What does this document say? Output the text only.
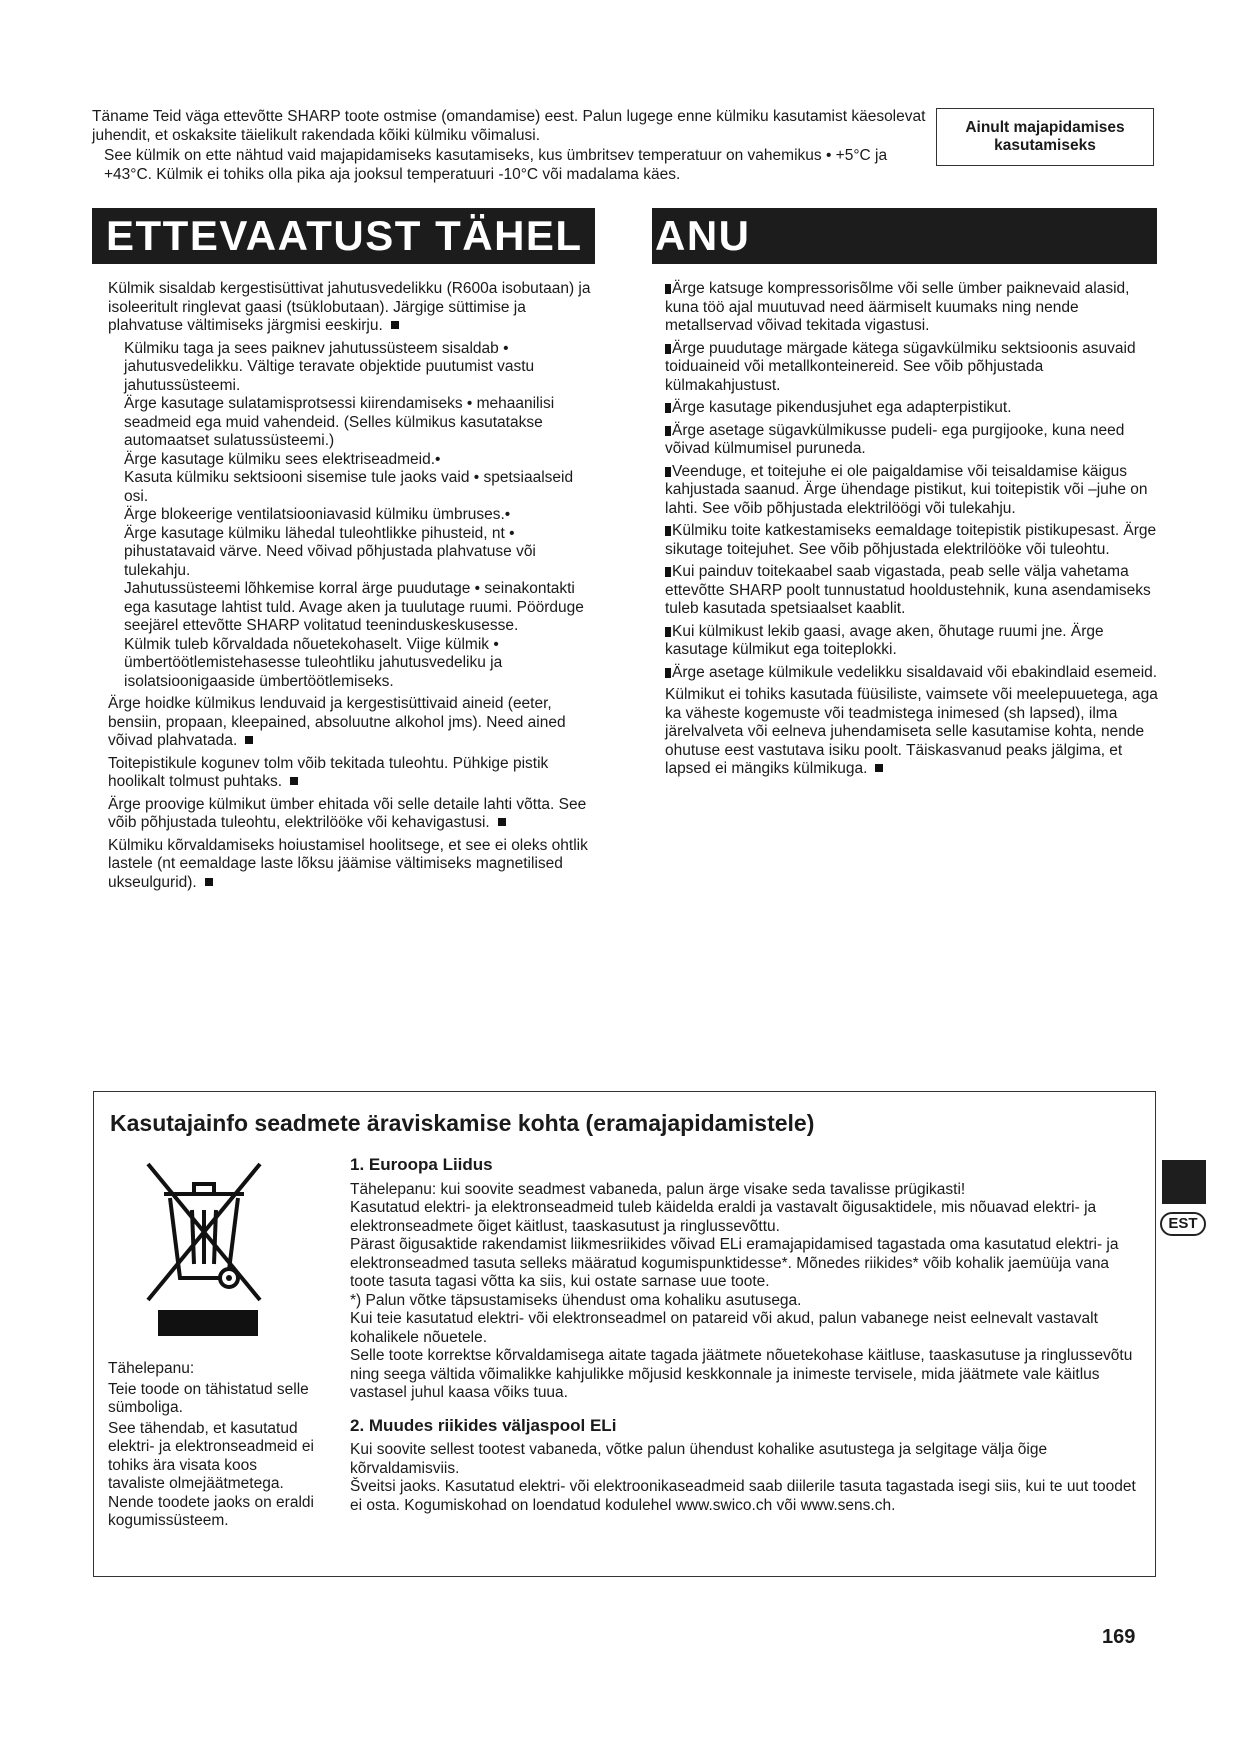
Täname Teid väga ettevõtte SHARP toote ostmise (omandamise) eest. Palun lugege enne külmiku kasutamist käesolevat juhendit, et oskaksite täielikult rakendada kõiki külmiku võimalusi.

See külmik on ette nähtud vaid majapidamiseks kasutamiseks, kus ümbritsev temperatuur on vahemikus • +5°C ja +43°C. Külmik ei tohiks olla pika aja jooksul temperatuuri -10°C või madalama käes.

Ainult majapidamises kasutamiseks
ETTEVAATUST TÄHEL ANU

Külmik sisaldab kergestisüttivat jahutusvedelikku (R600a isobutaan) ja isoleeritult ringlevat gaasi (tsüklobutaan). Järgige süttimise ja plahvatuse vältimiseks järgmisi eeskirju.

Külmiku taga ja sees paiknev jahutussüsteem sisaldab • jahutusvedelikku. Vältige teravate objektide puutumist vastu jahutussüsteemi.

Ärge kasutage sulatamisprotsessi kiirendamiseks • mehaanilisi seadmeid ega muid vahendeid. (Selles külmikus kasutatakse automaatset sulatussüsteemi.)

Ärge kasutage külmiku sees elektriseadmeid.•

Kasuta külmiku sektsiooni sisemise tule jaoks vaid • spetsiaalseid osi.

Ärge blokeerige ventilatsiooniavasid külmiku ümbruses.•

Ärge kasutage külmiku lähedal tuleohtlikke pihusteid, nt • pihustatavaid värve. Need võivad põhjustada plahvatuse või tulekahju.

Jahutussüsteemi lõhkemise korral ärge puudutage • seinakontakti ega kasutage lahtist tuld. Avage aken ja tuulutage ruumi. Pöörduge seejärel ettevõtte SHARP volitatud teeninduskeskusesse.

Külmik tuleb kõrvaldada nõuetekohaselt. Viige külmik • ümbertöötlemistehasesse tuleohtliku jahutusvedeliku ja isolatsioonigaaside ümbertöötlemiseks.

Ärge hoidke külmikus lenduvaid ja kergestisüttivaid aineid (eeter, bensiin, propaan, kleepained, absoluutne alkohol jms). Need ained võivad plahvatada.

Toitepistikule kogunev tolm võib tekitada tuleohtu. Pühkige pistik hoolikalt tolmust puhtaks.

Ärge proovige külmikut ümber ehitada või selle detaile lahti võtta. See võib põhjustada tuleohtu, elektrilööke või kehavigastusi.

Külmiku kõrvaldamiseks hoiustamisel hoolitsege, et see ei oleks ohtlik lastele (nt eemaldage laste lõksu jäämise vältimiseks magnetilised ukseulgurid).

Ärge katsuge kompressorisõlme või selle ümber paiknevaid alasid, kuna töö ajal muutuvad need äärmiselt kuumaks ning nende metallservad võivad tekitada vigastusi.

Ärge puudutage märgade kätega sügavkülmiku sektsioonis asuvaid toiduaineid või metallkonteinereid. See võib põhjustada külmakahjustust.

Ärge kasutage pikendusjuhet ega adapterpistikut.

Ärge asetage sügavkülmikusse pudeli- ega purgijooke, kuna need võivad külmumisel puruneda.

Veenduge, et toitejuhe ei ole paigaldamise või teisaldamise käigus kahjustada saanud. Ärge ühendage pistikut, kui toitepistik või –juhe on lahti. See võib põhjustada elektrilöögi või tulekahju.

Külmiku toite katkestamiseks eemaldage toitepistik pistikupesast. Ärge sikutage toitejuhet. See võib põhjustada elektrilööke või tuleohtu.

Kui painduv toitekaabel saab vigastada, peab selle välja vahetama ettevõtte SHARP poolt tunnustatud hooldustehnik, kuna asendamiseks tuleb kasutada spetsiaalset kaablit.

Kui külmikust lekib gaasi, avage aken, õhutage ruumi jne. Ärge kasutage külmikut ega toiteplokki.

Ärge asetage külmikule vedelikku sisaldavaid või ebakindlaid esemeid.

Külmikut ei tohiks kasutada füüsiliste, vaimsete või meelepuuetega, aga ka väheste kogemuste või teadmistega inimesed (sh lapsed), ilma järelvalveta või eelneva juhendamiseta selle kasutamise kohta, nende ohutuse eest vastutava isiku poolt. Täiskasvanud peaks jälgima, et lapsed ei mängiks külmikuga.

Kasutajainfo seadmete äraviskamise kohta (eramajapidamistele)

Tähelepanu:

Teie toode on tähistatud selle sümboliga.

See tähendab, et kasutatud elektri- ja elektronseadmeid ei tohiks ära visata koos tavaliste olmejäätmetega. Nende toodete jaoks on eraldi kogumissüsteem.

1. Euroopa Liidus

Tähelepanu: kui soovite seadmest vabaneda, palun ärge visake seda tavalisse prügikasti!

Kasutatud elektri- ja elektronseadmeid tuleb käidelda eraldi ja vastavalt õigusaktidele, mis nõuavad elektri- ja elektronseadmete õiget käitlust, taaskasutust ja ringlussevõttu.

Pärast õigusaktide rakendamist liikmesriikides võivad ELi eramajapidamised tagastada oma kasutatud elektri- ja elektronseadmed tasuta selleks määratud kogumispunktidesse*. Mõnedes riikides* võib kohalik jaemüüja vana toote tasuta tagasi võtta ka siis, kui ostate sarnase uue toote.

*) Palun võtke täpsustamiseks ühendust oma kohaliku asutusega.

Kui teie kasutatud elektri- või elektronseadmel on patareid või akud, palun vabanege neist eelnevalt vastavalt kohalikele nõuetele.

Selle toote korrektse kõrvaldamisega aitate tagada jäätmete nõuetekohase käitluse, taaskasutuse ja ringlussevõtu ning seega vältida võimalikke kahjulikke mõjusid keskkonnale ja inimeste tervisele, mida jäätmete vale käitlus vastasel juhul kaasa võiks tuua.

2. Muudes riikides väljaspool ELi

Kui soovite sellest tootest vabaneda, võtke palun ühendust kohalike asutustega ja selgitage välja õige kõrvaldamisviis.

Šveitsi jaoks. Kasutatud elektri- või elektroonikaseadmeid saab diilerile tasuta tagastada isegi siis, kui te uut toodet ei osta. Kogumiskohad on loendatud kodulehel www.swico.ch või www.sens.ch.

EST
169
